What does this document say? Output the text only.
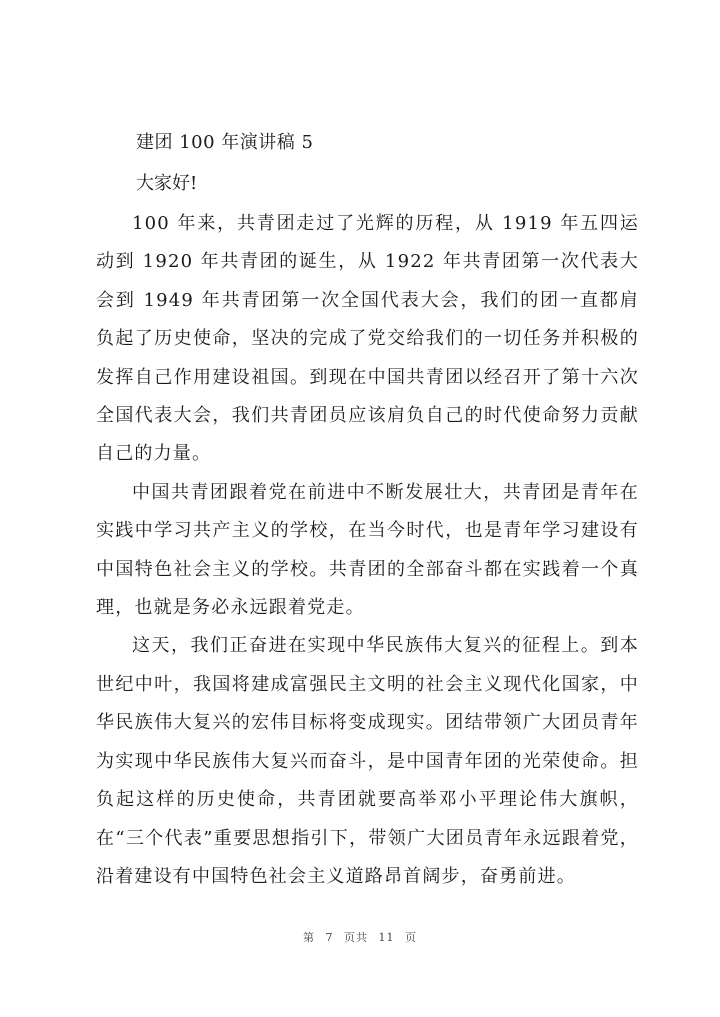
建团 100 年演讲稿 5
大家好!

100 年来，共青团走过了光辉的历程，从 1919 年五四运动到 1920 年共青团的诞生，从 1922 年共青团第一次代表大会到 1949 年共青团第一次全国代表大会，我们的团一直都肩负起了历史使命，坚决的完成了党交给我们的一切任务并积极的发挥自己作用建设祖国。到现在中国共青团以经召开了第十六次全国代表大会，我们共青团员应该肩负自己的时代使命努力贡献自己的力量。

中国共青团跟着党在前进中不断发展壮大，共青团是青年在实践中学习共产主义的学校，在当今时代，也是青年学习建设有中国特色社会主义的学校。共青团的全部奋斗都在实践着一个真理，也就是务必永远跟着党走。

这天，我们正奋进在实现中华民族伟大复兴的征程上。到本世纪中叶，我国将建成富强民主文明的社会主义现代化国家，中华民族伟大复兴的宏伟目标将变成现实。团结带领广大团员青年为实现中华民族伟大复兴而奋斗，是中国青年团的光荣使命。担负起这样的历史使命，共青团就要高举邓小平理论伟大旗帜，在“三个代表”重要思想指引下，带领广大团员青年永远跟着党，沿着建设有中国特色社会主义道路昂首阔步，奋勇前进。

第 7 页共 11 页
